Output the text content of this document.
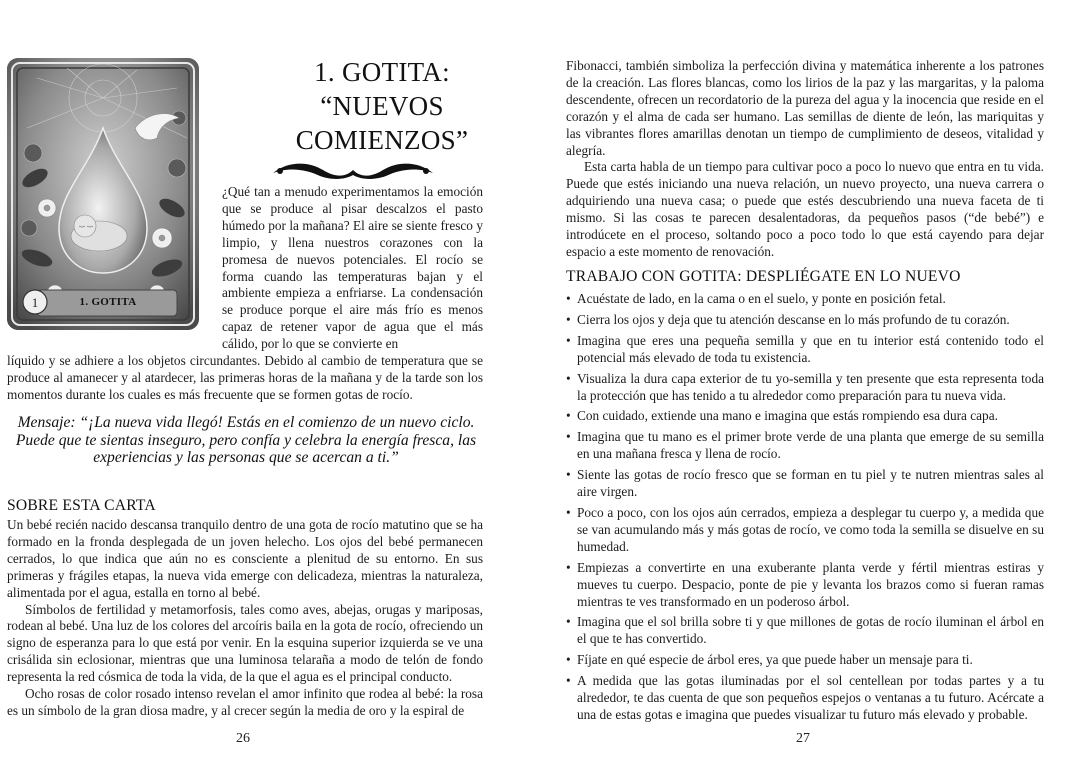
1	1. GOTITA
1. GOTITA:
“NUEVOS
COMIENZOS”

¿Qué tan a menudo experimentamos la emoción que se produce al pisar descalzos el pasto húmedo por la mañana? El aire se siente fresco y limpio, y llena nuestros corazones con la promesa de nuevos potenciales. El rocío se forma cuando las temperaturas bajan y el ambiente empieza a enfriarse. La condensación se produce porque el aire más frío es menos capaz de retener vapor de agua que el más cálido, por lo que se convierte en

líquido y se adhiere a los objetos circundantes. Debido al cambio de temperatura que se produce al amanecer y al atardecer, las primeras horas de la mañana y de la tarde son los momentos durante los cuales es más frecuente que se formen gotas de rocío.

Mensaje: “¡La nueva vida llegó! Estás en el comienzo de un nuevo ciclo. Puede que te sientas inseguro, pero confía y celebra la energía fresca, las experiencias y las personas que se acercan a ti.”
SOBRE ESTA CARTA

Un bebé recién nacido descansa tranquilo dentro de una gota de rocío matutino que se ha formado en la fronda desplegada de un joven helecho. Los ojos del bebé permanecen cerrados, lo que indica que aún no es consciente a plenitud de su entorno. En sus primeras y frágiles etapas, la nueva vida emerge con delicadeza, mientras la naturaleza, alimentada por el agua, estalla en torno al bebé.

Símbolos de fertilidad y metamorfosis, tales como aves, abejas, orugas y mariposas, rodean al bebé. Una luz de los colores del arcoíris baila en la gota de rocío, ofreciendo un signo de esperanza para lo que está por venir. En la esquina superior izquierda se ve una crisálida sin eclosionar, mientras que una luminosa telaraña a modo de telón de fondo representa la red cósmica de toda la vida, de la que el agua es el principal conducto.

Ocho rosas de color rosado intenso revelan el amor infinito que rodea al bebé: la rosa es un símbolo de la gran diosa madre, y al crecer según la media de oro y la espiral de

26

Fibonacci, también simboliza la perfección divina y matemática inherente a los patrones de la creación. Las flores blancas, como los lirios de la paz y las margaritas, y la paloma descendente, ofrecen un recordatorio de la pureza del agua y la inocencia que reside en el corazón y el alma de cada ser humano. Las semillas de diente de león, las mariquitas y las vibrantes flores amarillas denotan un tiempo de cumplimiento de deseos, vitalidad y alegría.

Esta carta habla de un tiempo para cultivar poco a poco lo nuevo que entra en tu vida. Puede que estés iniciando una nueva relación, un nuevo proyecto, una nueva carrera o adquiriendo una nueva casa; o puede que estés descubriendo una nueva faceta de ti mismo. Si las cosas te parecen desalentadoras, da pequeños pasos (“de bebé”) e introdúcete en el proceso, soltando poco a poco todo lo que está cayendo para dejar espacio a este momento de renovación.

TRABAJO CON GOTITA: DESPLIÉGATE EN LO NUEVO
• Acuéstate de lado, en la cama o en el suelo, y ponte en posición fetal.
• Cierra los ojos y deja que tu atención descanse en lo más profundo de tu corazón.
• Imagina que eres una pequeña semilla y que en tu interior está contenido todo el potencial más elevado de toda tu existencia.
• Visualiza la dura capa exterior de tu yo-semilla y ten presente que esta representa toda la protección que has tenido a tu alrededor como preparación para tu nueva vida.
• Con cuidado, extiende una mano e imagina que estás rompiendo esa dura capa.
• Imagina que tu mano es el primer brote verde de una planta que emerge de su semilla en una mañana fresca y llena de rocío.
• Siente las gotas de rocío fresco que se forman en tu piel y te nutren mientras sales al aire virgen.
• Poco a poco, con los ojos aún cerrados, empieza a desplegar tu cuerpo y, a medida que se van acumulando más y más gotas de rocío, ve como toda la semilla se disuelve en su humedad.
• Empiezas a convertirte en una exuberante planta verde y fértil mientras estiras y mueves tu cuerpo. Despacio, ponte de pie y levanta los brazos como si fueran ramas mientras te ves transformado en un poderoso árbol.
• Imagina que el sol brilla sobre ti y que millones de gotas de rocío iluminan el árbol en el que te has convertido.
• Fíjate en qué especie de árbol eres, ya que puede haber un mensaje para ti.
• A medida que las gotas iluminadas por el sol centellean por todas partes y a tu alrededor, te das cuenta de que son pequeños espejos o ventanas a tu futuro. Acércate a una de estas gotas e imagina que puedes visualizar tu futuro más elevado y probable.
27
